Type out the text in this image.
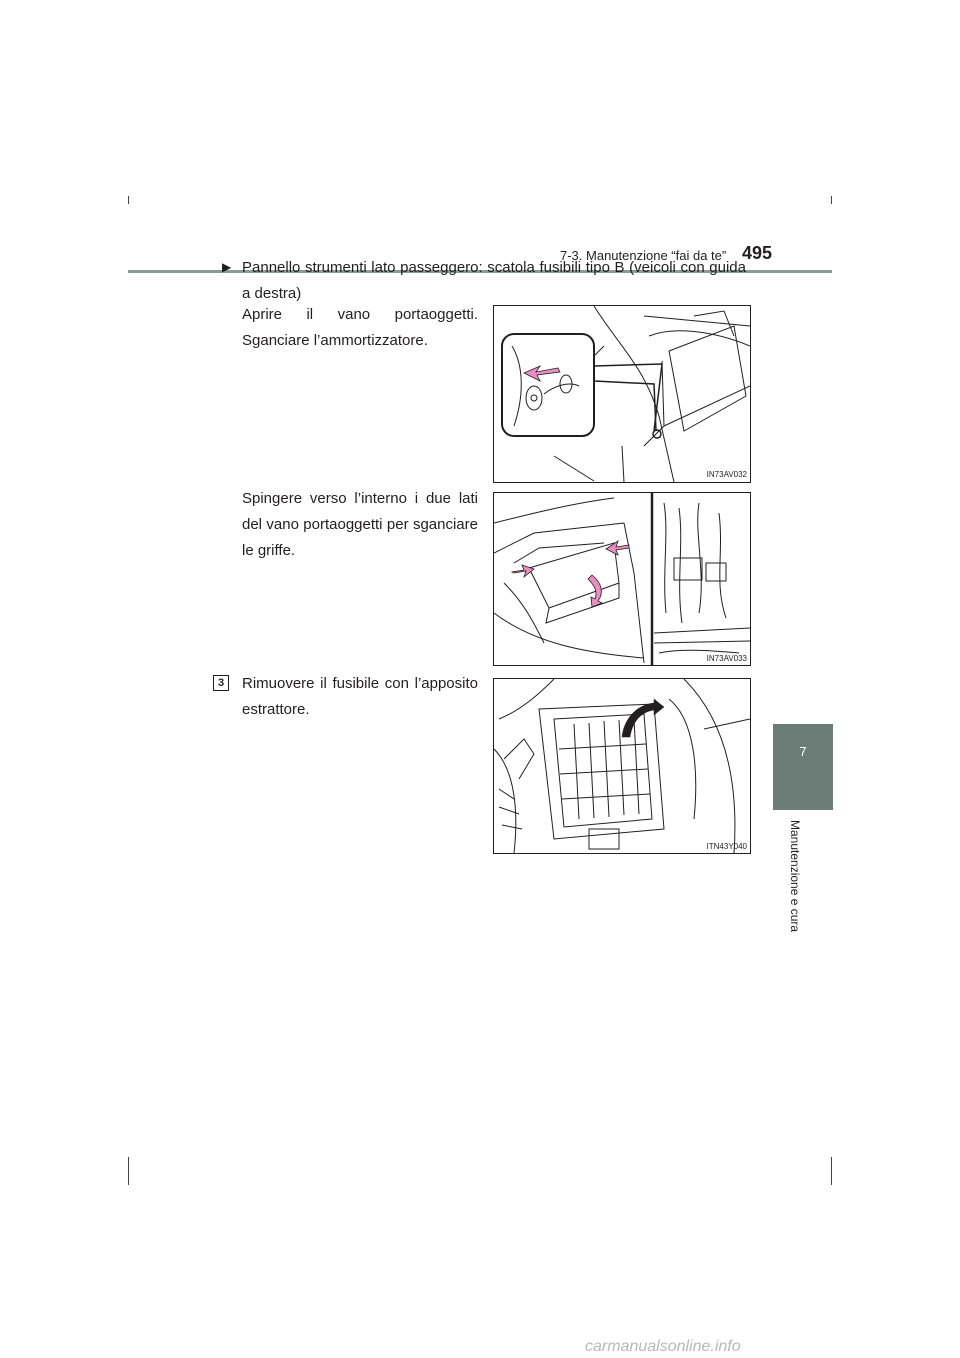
7-3. Manutenzione “fai da te” 495
7
Manutenzione e cura
▶ Pannello strumenti lato passeggero: scatola fusibili tipo B (veicoli con guida a destra)
Aprire il vano portaoggetti. Sganciare l’ammortizzatore.
IN73AV032
Spingere verso l’interno i due lati del vano portaoggetti per sganciare le griffe.
IN73AV033
3	Rimuovere il fusibile con l’apposito estrattore.
ITN43Y040
carmanualsonline.info
